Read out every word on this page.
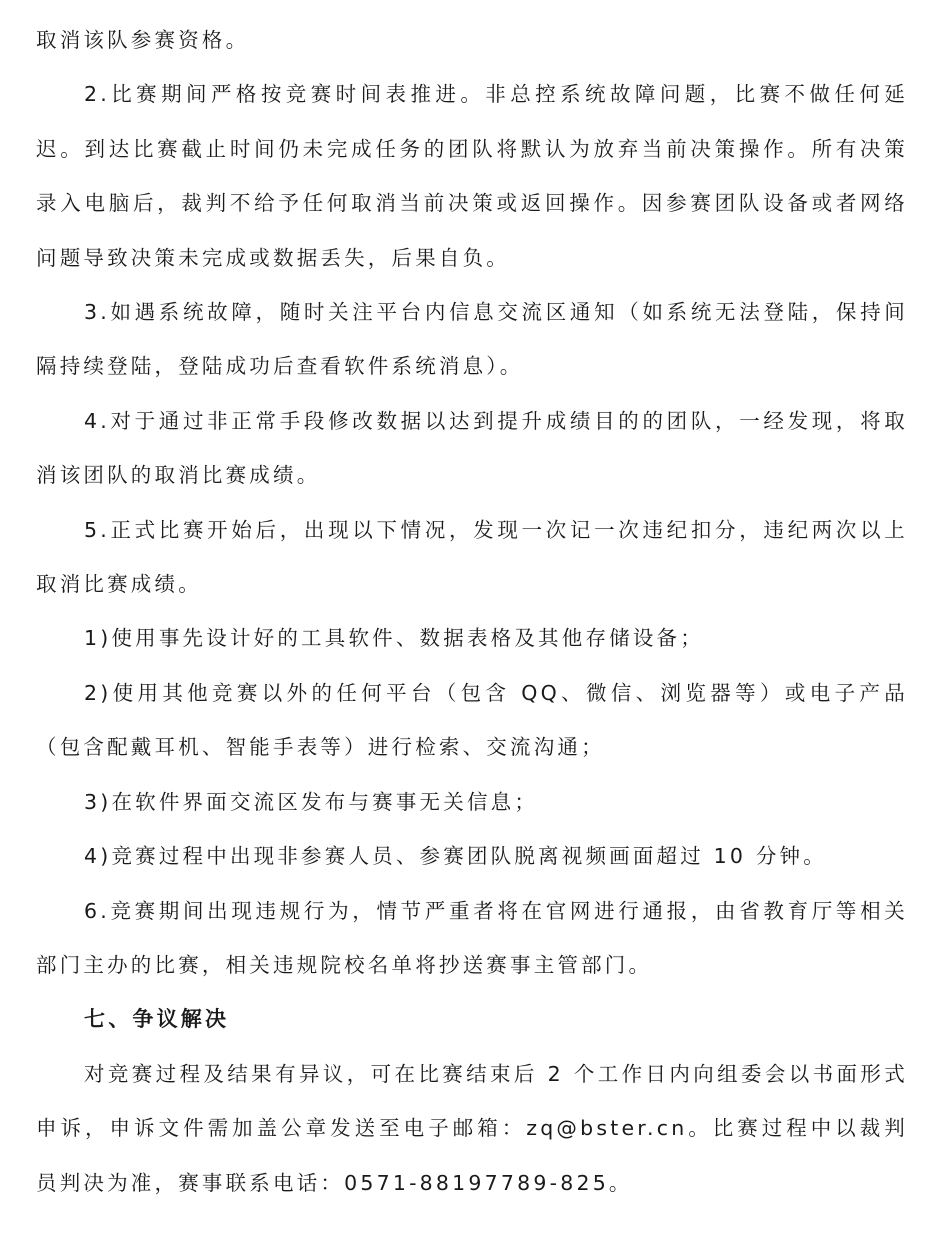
取消该队参赛资格。

2.比赛期间严格按竞赛时间表推进。非总控系统故障问题，比赛不做任何延迟。到达比赛截止时间仍未完成任务的团队将默认为放弃当前决策操作。所有决策录入电脑后，裁判不给予任何取消当前决策或返回操作。因参赛团队设备或者网络问题导致决策未完成或数据丢失，后果自负。

3.如遇系统故障，随时关注平台内信息交流区通知（如系统无法登陆，保持间隔持续登陆，登陆成功后查看软件系统消息）。

4.对于通过非正常手段修改数据以达到提升成绩目的的团队，一经发现，将取消该团队的取消比赛成绩。

5.正式比赛开始后，出现以下情况，发现一次记一次违纪扣分，违纪两次以上取消比赛成绩。

1)使用事先设计好的工具软件、数据表格及其他存储设备；

2)使用其他竞赛以外的任何平台（包含 QQ、微信、浏览器等）或电子产品（包含配戴耳机、智能手表等）进行检索、交流沟通；

3)在软件界面交流区发布与赛事无关信息；

4)竞赛过程中出现非参赛人员、参赛团队脱离视频画面超过 10 分钟。

6.竞赛期间出现违规行为，情节严重者将在官网进行通报，由省教育厅等相关部门主办的比赛，相关违规院校名单将抄送赛事主管部门。

七、争议解决

对竞赛过程及结果有异议，可在比赛结束后 2 个工作日内向组委会以书面形式申诉，申诉文件需加盖公章发送至电子邮箱：zq@bster.cn。比赛过程中以裁判员判决为准，赛事联系电话：0571-88197789-825。
